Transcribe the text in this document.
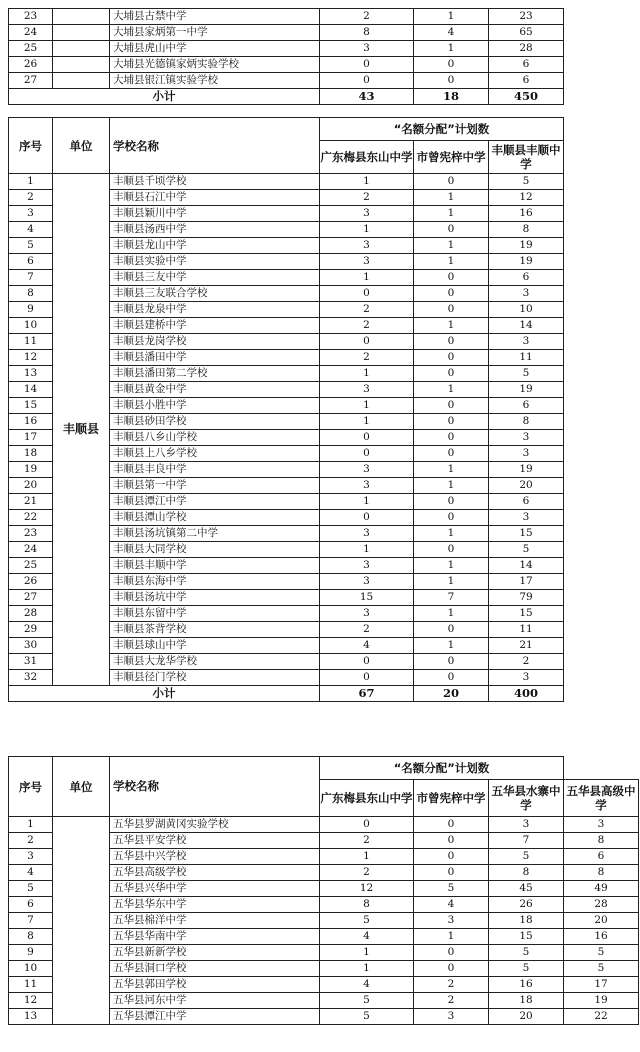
23		大埔县古禁中学	2	1	23	
24		大埔县家炳第一中学	8	4	65	
25		大埔县虎山中学	3	1	28	
26		大埔县光德镇家炳实验学校	0	0	6	
27		大埔县银江镇实验学校	0	0	6	
小计			43	18	450	
序号	单位	学校名称	“名额分配”计划数			
			广东梅县东山中学	市曾宪梓中学	丰顺县丰顺中学	
1	丰顺县	丰顺县千顷学校	1	0	5	
2		丰顺县石江中学	2	1	12	
3		丰顺县颖川中学	3	1	16	
4		丰顺县汤西中学	1	0	8	
5		丰顺县龙山中学	3	1	19	
6		丰顺县实验中学	3	1	19	
7		丰顺县三友中学	1	0	6	
8		丰顺县三友联合学校	0	0	3	
9		丰顺县龙泉中学	2	0	10	
10		丰顺县建桥中学	2	1	14	
11		丰顺县龙岗学校	0	0	3	
12		丰顺县潘田中学	2	0	11	
13		丰顺县潘田第二学校	1	0	5	
14		丰顺县黄金中学	3	1	19	
15		丰顺县小胜中学	1	0	6	
16		丰顺县砂田学校	1	0	8	
17		丰顺县八乡山学校	0	0	3	
18		丰顺县上八乡学校	0	0	3	
19		丰顺县丰良中学	3	1	19	
20		丰顺县第一中学	3	1	20	
21		丰顺县潭江中学	1	0	6	
22		丰顺县潭山学校	0	0	3	
23		丰顺县汤坑镇第二中学	3	1	15	
24		丰顺县大同学校	1	0	5	
25		丰顺县丰顺中学	3	1	14	
26		丰顺县东海中学	3	1	17	
27		丰顺县汤坑中学	15	7	79	
28		丰顺县东留中学	3	1	15	
29		丰顺县茶背学校	2	0	11	
30		丰顺县球山中学	4	1	21	
31		丰顺县大龙华学校	0	0	2	
32		丰顺县径门学校	0	0	3	
小计			67	20	400	
序号	单位	学校名称	“名额分配”计划数			
			广东梅县东山中学	市曾宪梓中学	五华县水寨中学	五华县高级中学
1		五华县罗湖黄冈实验学校	0	0	3	3
2		五华县平安学校	2	0	7	8
3		五华县中兴学校	1	0	5	6
4		五华县高级学校	2	0	8	8
5		五华县兴华中学	12	5	45	49
6		五华县华东中学	8	4	26	28
7		五华县棉洋中学	5	3	18	20
8		五华县华南中学	4	1	15	16
9		五华县新新学校	1	0	5	5
10		五华县洞口学校	1	0	5	5
11		五华县郭田学校	4	2	16	17
12		五华县河东中学	5	2	18	19
13		五华县潭江中学	5	3	20	22
